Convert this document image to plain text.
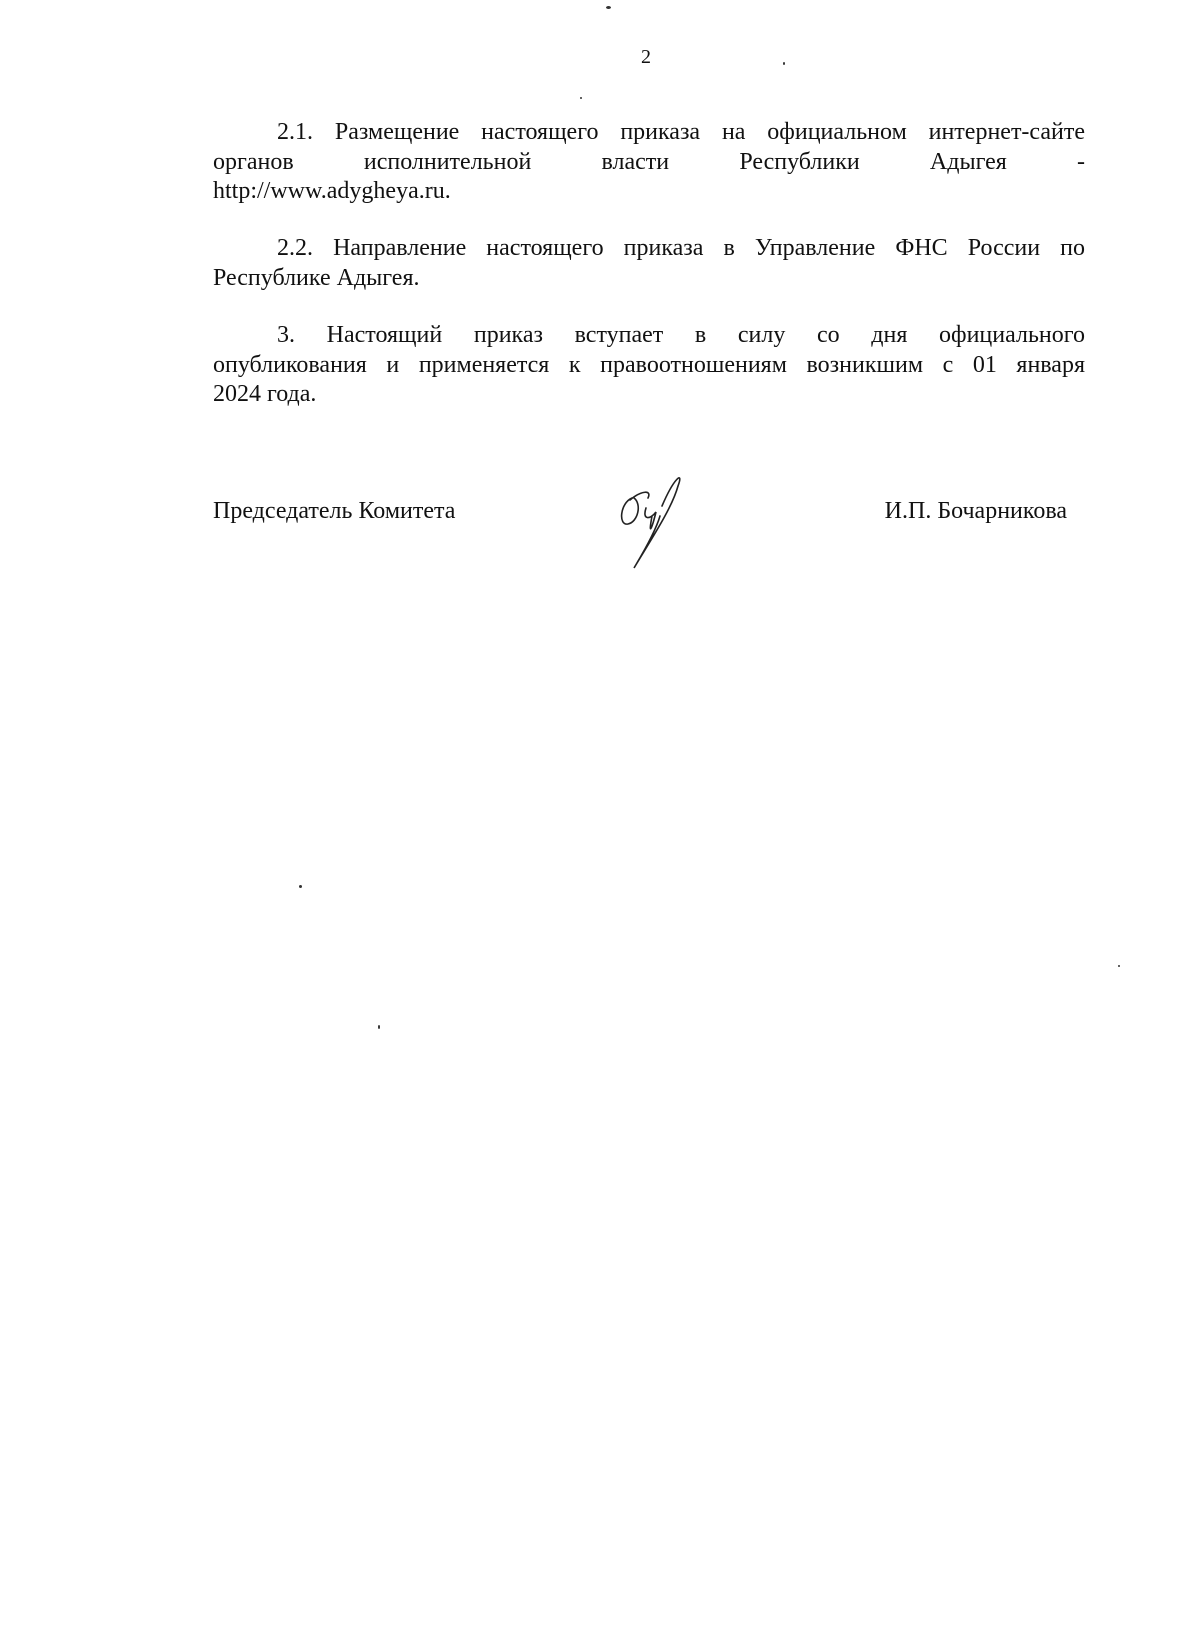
2
2.1. Размещение настоящего приказа на официальном интернет-сайте
органов исполнительной власти Республики Адыгея -
http://www.adygheya.ru.
2.2. Направление настоящего приказа в Управление ФНС России по
Республике Адыгея.
3. Настоящий приказ вступает в силу со дня официального
опубликования и применяется к правоотношениям возникшим с 01 января
2024 года.
Председатель Комитета	И.П. Бочарникова
